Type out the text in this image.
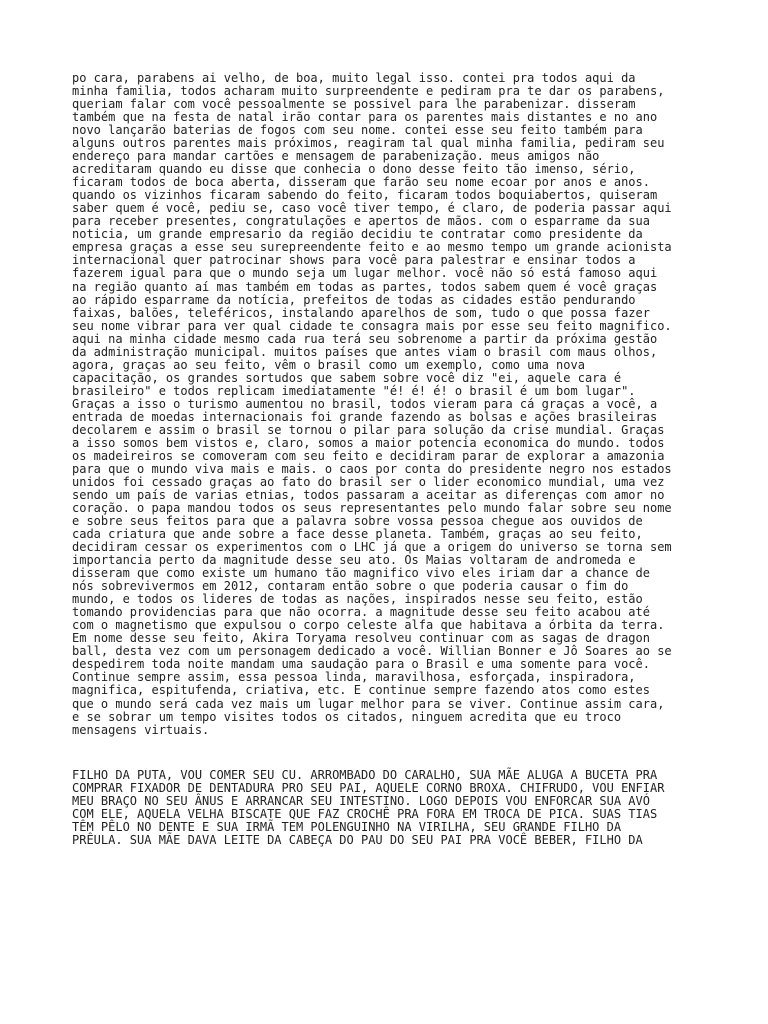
po cara, parabens ai velho, de boa, muito legal isso. contei pra todos aqui da
minha familia, todos acharam muito surpreendente e pediram pra te dar os parabens,
queriam falar com você pessoalmente se possivel para lhe parabenizar. disseram
também que na festa de natal irão contar para os parentes mais distantes e no ano
novo lançarão baterias de fogos com seu nome. contei esse seu feito também para
alguns outros parentes mais próximos, reagiram tal qual minha familia, pediram seu
endereço para mandar cartões e mensagem de parabenização. meus amigos não
acreditaram quando eu disse que conhecia o dono desse feito tão imenso, sério,
ficaram todos de boca aberta, disseram que farão seu nome ecoar por anos e anos.
quando os vizinhos ficaram sabendo do feito, ficaram todos boquiabertos, quiseram
saber quem é você, pediu se, caso você tiver tempo, é claro, de poderia passar aqui
para receber presentes, congratulações e apertos de mãos. com o esparrame da sua
noticia, um grande empresario da região decidiu te contratar como presidente da
empresa graças a esse seu surepreendente feito e ao mesmo tempo um grande acionista
internacional quer patrocinar shows para você para palestrar e ensinar todos a
fazerem igual para que o mundo seja um lugar melhor. você não só está famoso aqui
na região quanto aí mas também em todas as partes, todos sabem quem é você graças
ao rápido esparrame da notícia, prefeitos de todas as cidades estão pendurando
faixas, balões, teleféricos, instalando aparelhos de som, tudo o que possa fazer
seu nome vibrar para ver qual cidade te consagra mais por esse seu feito magnifico.
aqui na minha cidade mesmo cada rua terá seu sobrenome a partir da próxima gestão
da administração municipal. muitos países que antes viam o brasil com maus olhos,
agora, graças ao seu feito, vêm o brasil como um exemplo, como uma nova
capacitação, os grandes sortudos que sabem sobre você diz "ei, aquele cara é
brasileiro" e todos replicam imediatamente "é! é! é! o brasil é um bom lugar".
Graças a isso o turismo aumentou no brasil, todos vieram para cá graças a você, a
entrada de moedas internacionais foi grande fazendo as bolsas e ações brasileiras
decolarem e assim o brasil se tornou o pilar para solução da crise mundial. Graças
a isso somos bem vistos e, claro, somos a maior potencia economica do mundo. todos
os madeireiros se comoveram com seu feito e decidiram parar de explorar a amazonia
para que o mundo viva mais e mais. o caos por conta do presidente negro nos estados
unidos foi cessado graças ao fato do brasil ser o lider economico mundial, uma vez
sendo um país de varias etnias, todos passaram a aceitar as diferenças com amor no
coração. o papa mandou todos os seus representantes pelo mundo falar sobre seu nome
e sobre seus feitos para que a palavra sobre vossa pessoa chegue aos ouvidos de
cada criatura que ande sobre a face desse planeta. Também, graças ao seu feito,
decidiram cessar os experimentos com o LHC já que a origem do universo se torna sem
importancia perto da magnitude desse seu ato. Os Maias voltaram de andromeda e
disseram que como existe um humano tão magnifico vivo eles iriam dar a chance de
nós sobrevivermos em 2012, contaram então sobre o que poderia causar o fim do
mundo, e todos os lideres de todas as nações, inspirados nesse seu feito, estão
tomando providencias para que não ocorra. a magnitude desse seu feito acabou até
com o magnetismo que expulsou o corpo celeste alfa que habitava a órbita da terra.
Em nome desse seu feito, Akira Toryama resolveu continuar com as sagas de dragon
ball, desta vez com um personagem dedicado a você. Willian Bonner e Jô Soares ao se
despedirem toda noite mandam uma saudação para o Brasil e uma somente para você.
Continue sempre assim, essa pessoa linda, maravilhosa, esforçada, inspiradora,
magnifica, espitufenda, criativa, etc. E continue sempre fazendo atos como estes
que o mundo será cada vez mais um lugar melhor para se viver. Continue assim cara,
e se sobrar um tempo visites todos os citados, ninguem acredita que eu troco
mensagens virtuais.
FILHO DA PUTA, VOU COMER SEU CU. ARROMBADO DO CARALHO, SUA MÃE ALUGA A BUCETA PRA
COMPRAR FIXADOR DE DENTADURA PRO SEU PAI, AQUELE CORNO BROXA. CHIFRUDO, VOU ENFIAR
MEU BRAÇO NO SEU ÂNUS E ARRANCAR SEU INTESTINO. LOGO DEPOIS VOU ENFORCAR SUA AVÓ
COM ELE, AQUELA VELHA BISCATE QUE FAZ CROCHÊ PRA FORA EM TROCA DE PICA. SUAS TIAS
TÊM PÊLO NO DENTE E SUA IRMÃ TEM POLENGUINHO NA VIRILHA, SEU GRANDE FILHO DA
PRÊULA. SUA MÃE DAVA LEITE DA CABEÇA DO PAU DO SEU PAI PRA VOCÊ BEBER, FILHO DA
